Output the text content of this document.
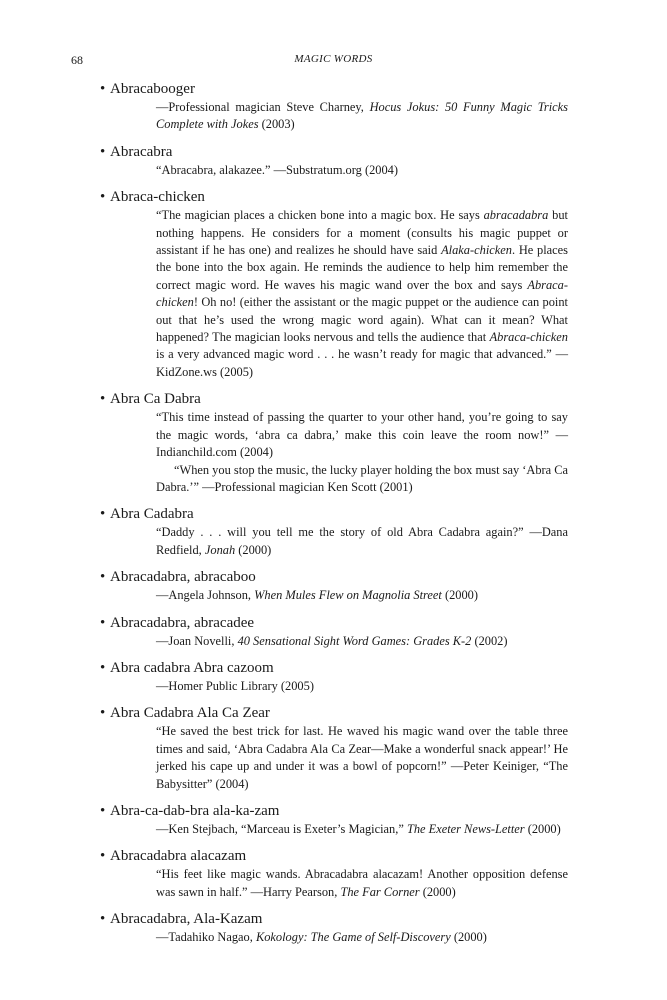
68	MAGIC WORDS
• Abracabooger

—Professional magician Steve Charney, Hocus Jokus: 50 Funny Magic Tricks Complete with Jokes (2003)

• Abracabra

“Abracabra, alakazee.” —Substratum.org (2004)

• Abraca-chicken

“The magician places a chicken bone into a magic box. He says abracadabra but nothing happens. He considers for a moment (consults his magic puppet or assistant if he has one) and realizes he should have said Alaka-chicken. He places the bone into the box again. He reminds the audience to help him remember the correct magic word. He waves his magic wand over the box and says Abraca-chicken! Oh no! (either the assistant or the magic puppet or the audience can point out that he’s used the wrong magic word again). What can it mean? What happened? The magician looks nervous and tells the audience that Abraca-chicken is a very advanced magic word . . . he wasn’t ready for magic that advanced.” —KidZone.ws (2005)

• Abra Ca Dabra

“This time instead of passing the quarter to your other hand, you’re going to say the magic words, ‘abra ca dabra,’ make this coin leave the room now!” —Indianchild.com (2004)

“When you stop the music, the lucky player holding the box must say ‘Abra Ca Dabra.’” —Professional magician Ken Scott (2001)

• Abra Cadabra

“Daddy . . . will you tell me the story of old Abra Cadabra again?” —Dana Redfield, Jonah (2000)

• Abracadabra, abracaboo

—Angela Johnson, When Mules Flew on Magnolia Street (2000)

• Abracadabra, abracadee

—Joan Novelli, 40 Sensational Sight Word Games: Grades K-2 (2002)

• Abra cadabra Abra cazoom

—Homer Public Library (2005)

• Abra Cadabra Ala Ca Zear

“He saved the best trick for last. He waved his magic wand over the table three times and said, ‘Abra Cadabra Ala Ca Zear—Make a wonderful snack appear!’ He jerked his cape up and under it was a bowl of popcorn!” —Peter Keiniger, “The Babysitter” (2004)

• Abra-ca-dab-bra ala-ka-zam

—Ken Stejbach, “Marceau is Exeter’s Magician,” The Exeter News-Letter (2000)

• Abracadabra alacazam

“His feet like magic wands. Abracadabra alacazam! Another opposition defense was sawn in half.” —Harry Pearson, The Far Corner (2000)

• Abracadabra, Ala-Kazam

—Tadahiko Nagao, Kokology: The Game of Self-Discovery (2000)
